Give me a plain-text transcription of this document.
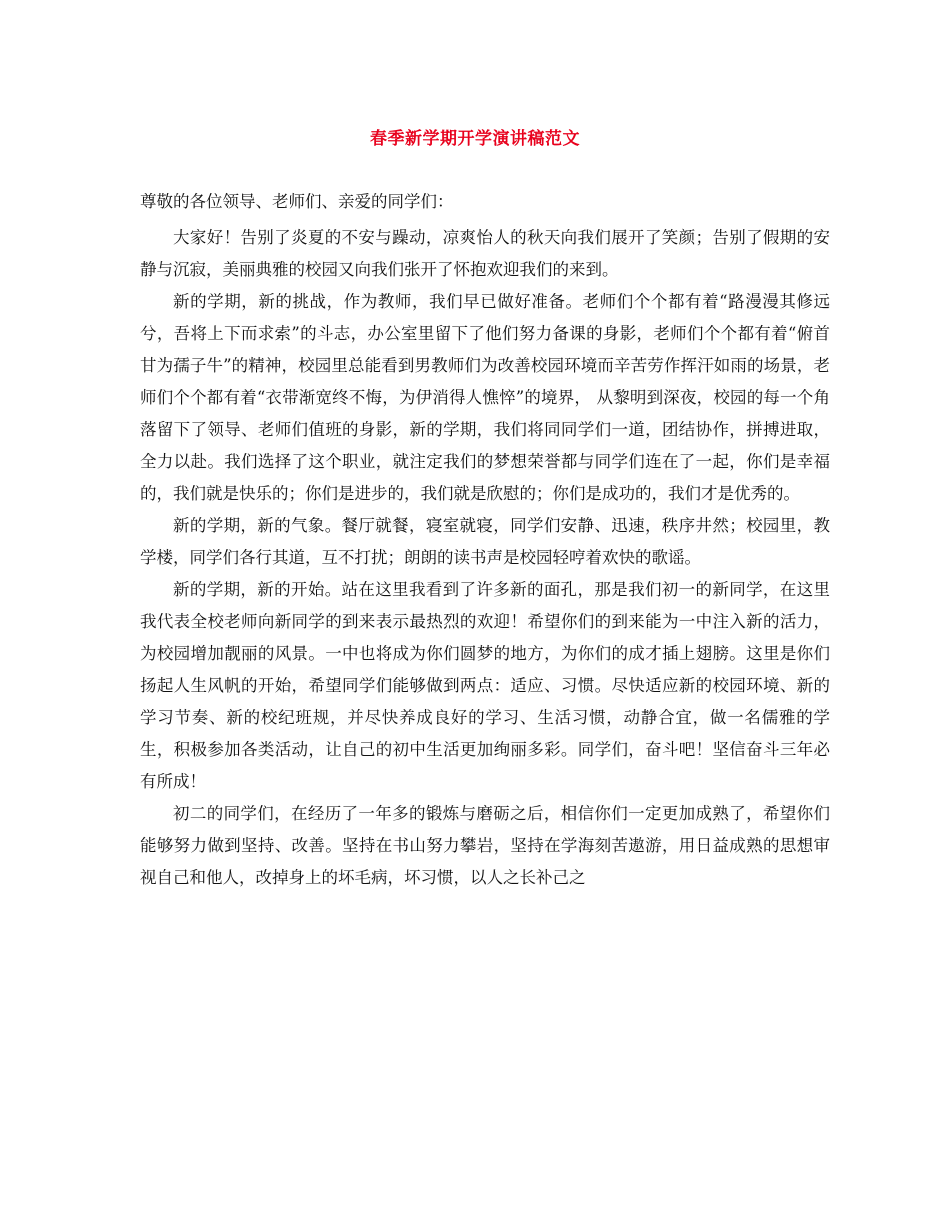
春季新学期开学演讲稿范文

尊敬的各位领导、老师们、亲爱的同学们：

大家好！告别了炎夏的不安与躁动，凉爽怡人的秋天向我们展开了笑颜；告别了假期的安静与沉寂，美丽典雅的校园又向我们张开了怀抱欢迎我们的来到。

新的学期，新的挑战，作为教师，我们早已做好准备。老师们个个都有着“路漫漫其修远兮，吾将上下而求索”的斗志，办公室里留下了他们努力备课的身影，老师们个个都有着“俯首甘为孺子牛”的精神，校园里总能看到男教师们为改善校园环境而辛苦劳作挥汗如雨的场景，老师们个个都有着“衣带渐宽终不悔，为伊消得人憔悴”的境界， 从黎明到深夜，校园的每一个角落留下了领导、老师们值班的身影，新的学期，我们将同同学们一道，团结协作，拼搏进取，全力以赴。我们选择了这个职业，就注定我们的梦想荣誉都与同学们连在了一起，你们是幸福的，我们就是快乐的；你们是进步的，我们就是欣慰的；你们是成功的，我们才是优秀的。

新的学期，新的气象。餐厅就餐，寝室就寝，同学们安静、迅速，秩序井然；校园里，教学楼，同学们各行其道，互不打扰；朗朗的读书声是校园轻哼着欢快的歌谣。

新的学期，新的开始。站在这里我看到了许多新的面孔，那是我们初一的新同学，在这里我代表全校老师向新同学的到来表示最热烈的欢迎！希望你们的到来能为一中注入新的活力，为校园增加靓丽的风景。一中也将成为你们圆梦的地方，为你们的成才插上翅膀。这里是你们扬起人生风帆的开始，希望同学们能够做到两点：适应、习惯。尽快适应新的校园环境、新的学习节奏、新的校纪班规，并尽快养成良好的学习、生活习惯，动静合宜，做一名儒雅的学生，积极参加各类活动，让自己的初中生活更加绚丽多彩。同学们，奋斗吧！坚信奋斗三年必有所成！

初二的同学们，在经历了一年多的锻炼与磨砺之后，相信你们一定更加成熟了，希望你们能够努力做到坚持、改善。坚持在书山努力攀岩，坚持在学海刻苦遨游，用日益成熟的思想审视自己和他人，改掉身上的坏毛病，坏习惯，以人之长补己之
